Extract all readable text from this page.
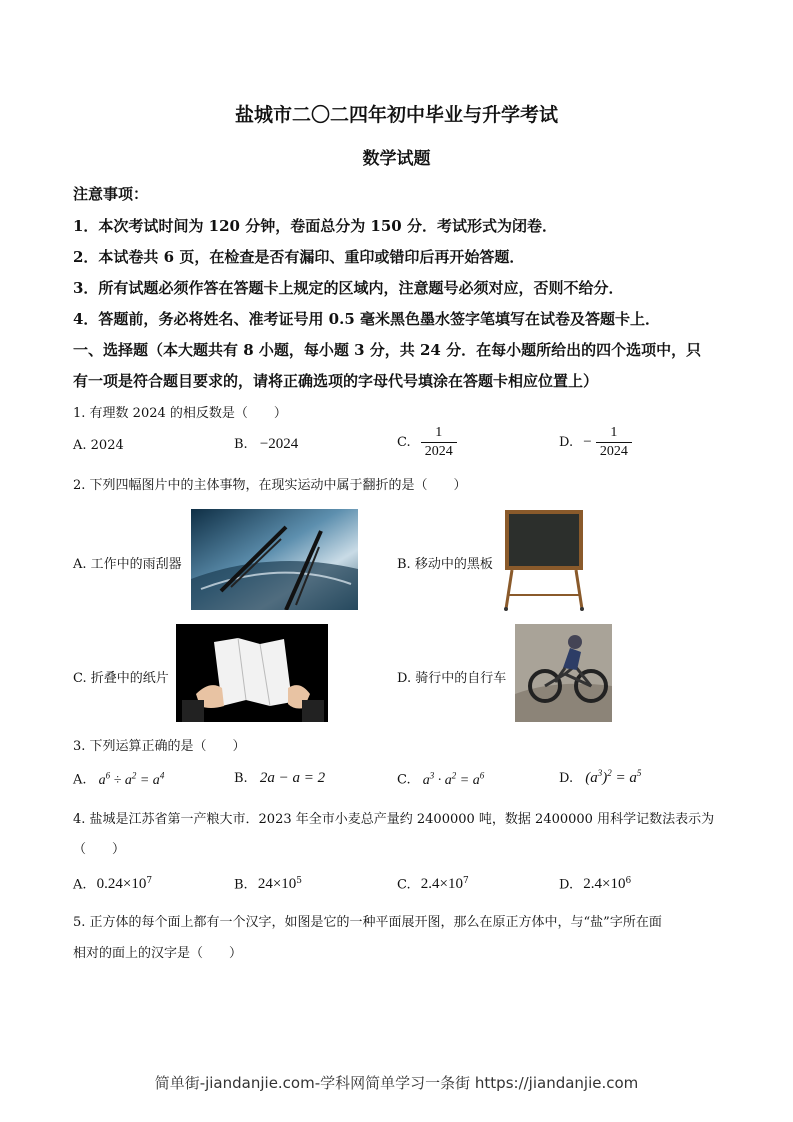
盐城市二〇二四年初中毕业与升学考试
数学试题
注意事项：
1．本次考试时间为 120 分钟，卷面总分为 150 分．考试形式为闭卷．
2．本试卷共 6 页，在检查是否有漏印、重印或错印后再开始答题．
3．所有试题必须作答在答题卡上规定的区域内，注意题号必须对应，否则不给分．
4．答题前，务必将姓名、准考证号用 0.5 毫米黑色墨水签字笔填写在试卷及答题卡上．
一、选择题（本大题共有 8 小题，每小题 3 分，共 24 分．在每小题所给出的四个选项中，只
有一项是符合题目要求的，请将正确选项的字母代号填涂在答题卡相应位置上）
1. 有理数 2024 的相反数是（　　）
A. 2024	B. −2024	C. $\frac{1}{2024}$	D. − $\frac{1}{2024}$
2. 下列四幅图片中的主体事物，在现实运动中属于翻折的是（　　）
A. 工作中的雨刮器	B. 移动中的黑板
C. 折叠中的纸片	D. 骑行中的自行车
3. 下列运算正确的是（　　）
A. $a^6 \div a^2 = a^4$	B. 2a − a = 2	C. $a^3 \cdot a^2 = a^6$	D. $(a^3)^2 = a^5$
4. 盐城是江苏省第一产粮大市．2023 年全市小麦总产量约 2400000 吨，数据 2400000 用科学记数法表示为
（　　）
A. $0.24\times 10^7$	B. $24\times 10^5$	C. $2.4\times 10^7$	D. $2.4\times 10^6$
5. 正方体的每个面上都有一个汉字，如图是它的一种平面展开图，那么在原正方体中，与“盐”字所在面
相对的面上的汉字是（　　）
简单街-jiandanjie.com-学科网简单学习一条街 https://jiandanjie.com
